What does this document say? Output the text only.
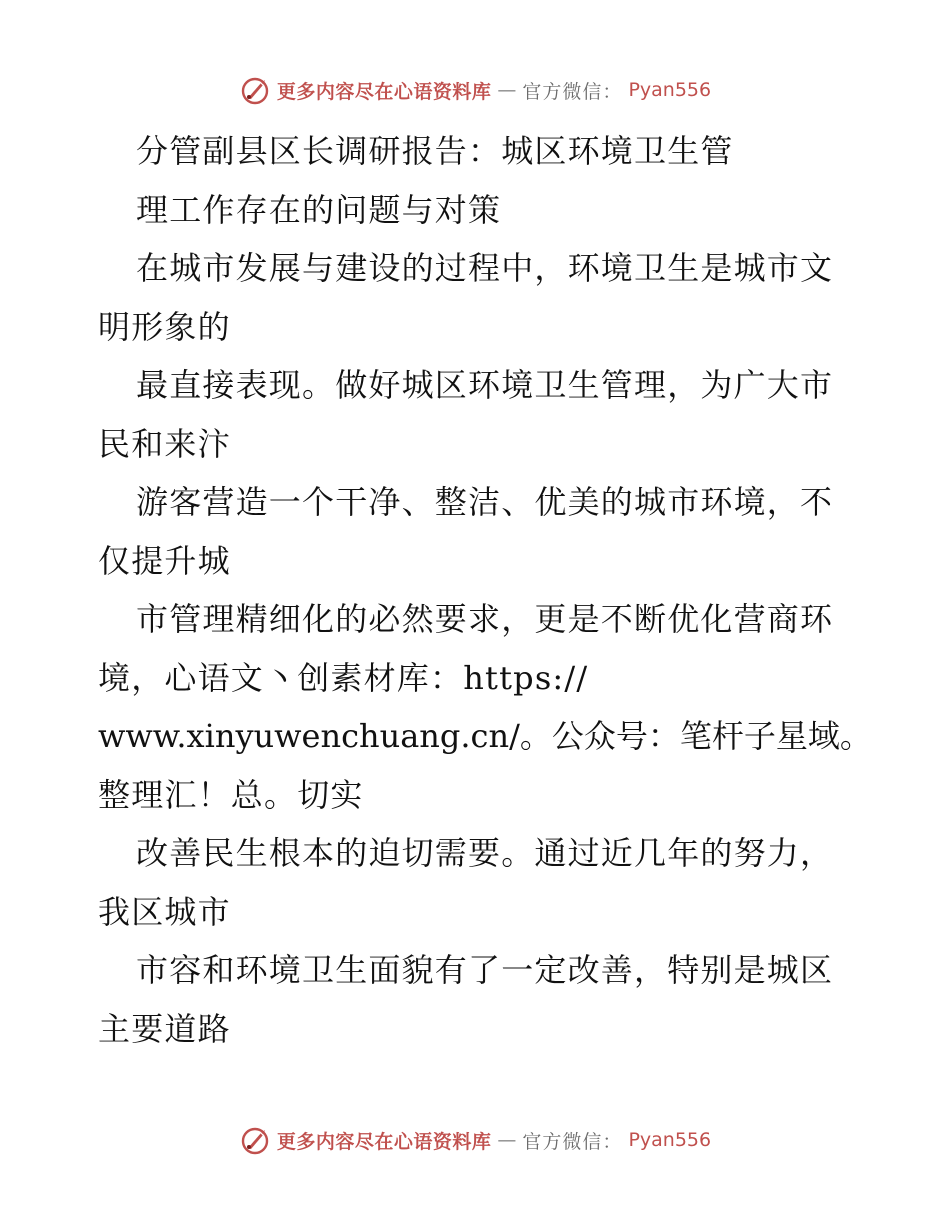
更多内容尽在心语资料库 — 官方微信： Pyan556
分管副县区长调研报告：城区环境卫生管
理工作存在的问题与对策
在城市发展与建设的过程中，环境卫生是城市文
明形象的
最直接表现。做好城区环境卫生管理，为广大市
民和来汴
游客营造一个干净、整洁、优美的城市环境，不
仅提升城
市管理精细化的必然要求，更是不断优化营商环
境，心语文丶创素材库：https://
www.xinyuwenchuang.cn/。公众号：笔杆子星域。
整理汇！总。切实
改善民生根本的迫切需要。通过近几年的努力，
我区城市
市容和环境卫生面貌有了一定改善，特别是城区
主要道路
更多内容尽在心语资料库 — 官方微信： Pyan556
